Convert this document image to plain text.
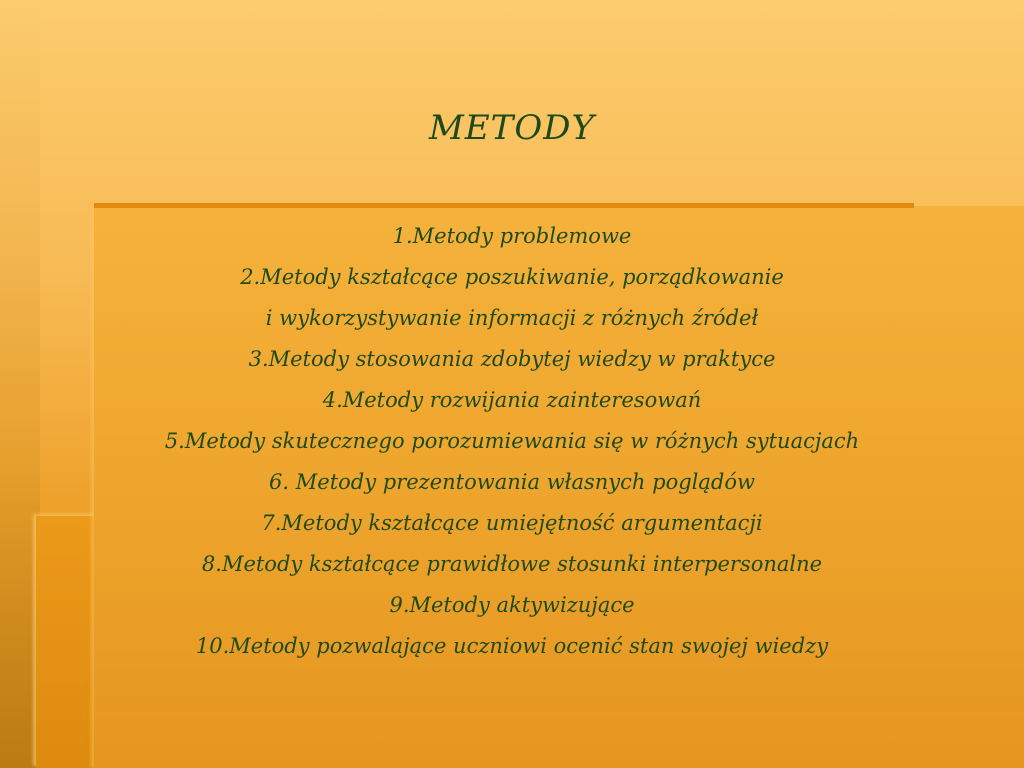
METODY
1.Metody problemowe
2.Metody kształcące poszukiwanie, porządkowanie
i wykorzystywanie informacji z różnych źródeł
3.Metody stosowania zdobytej wiedzy w praktyce
4.Metody rozwijania zainteresowań
5.Metody skutecznego porozumiewania się w różnych sytuacjach
6. Metody prezentowania własnych poglądów
7.Metody kształcące umiejętność argumentacji
8.Metody kształcące prawidłowe stosunki interpersonalne
9.Metody aktywizujące
10.Metody pozwalające uczniowi ocenić stan swojej wiedzy
